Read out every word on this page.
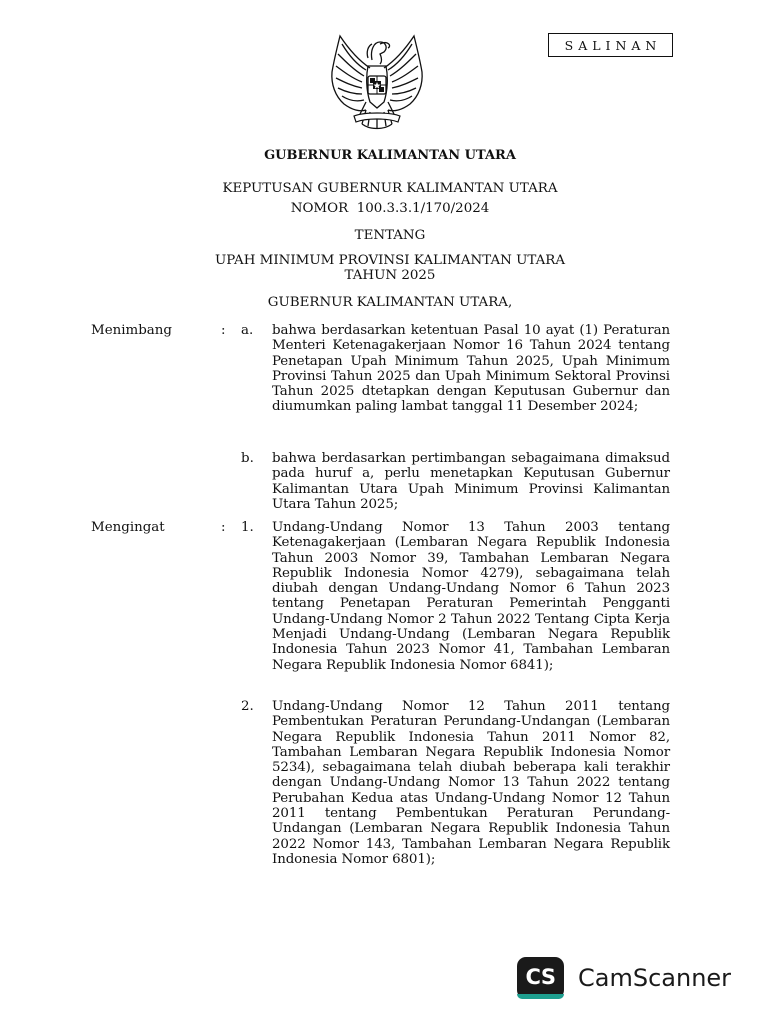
SALINAN
GUBERNUR KALIMANTAN UTARA
KEPUTUSAN GUBERNUR KALIMANTAN UTARA
NOMOR  100.3.3.1/170/2024
TENTANG
UPAH MINIMUM PROVINSI KALIMANTAN UTARA
TAHUN 2025
GUBERNUR KALIMANTAN UTARA,
Menimbang	: a. bahwa berdasarkan ketentuan Pasal 10 ayat (1) Peraturan Menteri Ketenagakerjaan Nomor 16 Tahun 2024 tentang Penetapan Upah Minimum Tahun 2025, Upah Minimum Provinsi Tahun 2025 dan Upah Minimum Sektoral Provinsi Tahun 2025 dtetapkan dengan Keputusan Gubernur dan diumumkan paling lambat tanggal 11 Desember 2024;

b. bahwa berdasarkan pertimbangan sebagaimana dimaksud pada huruf a, perlu menetapkan Keputusan Gubernur Kalimantan Utara Upah Minimum Provinsi Kalimantan Utara Tahun 2025;

Mengingat	: 1. Undang-Undang Nomor 13 Tahun 2003 tentang Ketenagakerjaan (Lembaran Negara Republik Indonesia Tahun 2003 Nomor 39, Tambahan Lembaran Negara Republik Indonesia Nomor 4279), sebagaimana telah diubah dengan Undang-Undang Nomor 6 Tahun 2023 tentang Penetapan Peraturan Pemerintah Pengganti Undang-Undang Nomor 2 Tahun 2022 Tentang Cipta Kerja Menjadi Undang-Undang (Lembaran Negara Republik Indonesia Tahun 2023 Nomor 41, Tambahan Lembaran Negara Republik Indonesia Nomor 6841);

2. Undang-Undang Nomor 12 Tahun 2011 tentang Pembentukan Peraturan Perundang-Undangan (Lembaran Negara Republik Indonesia Tahun 2011 Nomor 82, Tambahan Lembaran Negara Republik Indonesia Nomor 5234), sebagaimana telah diubah beberapa kali terakhir dengan Undang-Undang Nomor 13 Tahun 2022 tentang Perubahan Kedua atas Undang-Undang Nomor 12 Tahun 2011 tentang Pembentukan Peraturan Perundang-Undangan (Lembaran Negara Republik Indonesia Tahun 2022 Nomor 143, Tambahan Lembaran Negara Republik Indonesia Nomor 6801);

CS CamScanner
